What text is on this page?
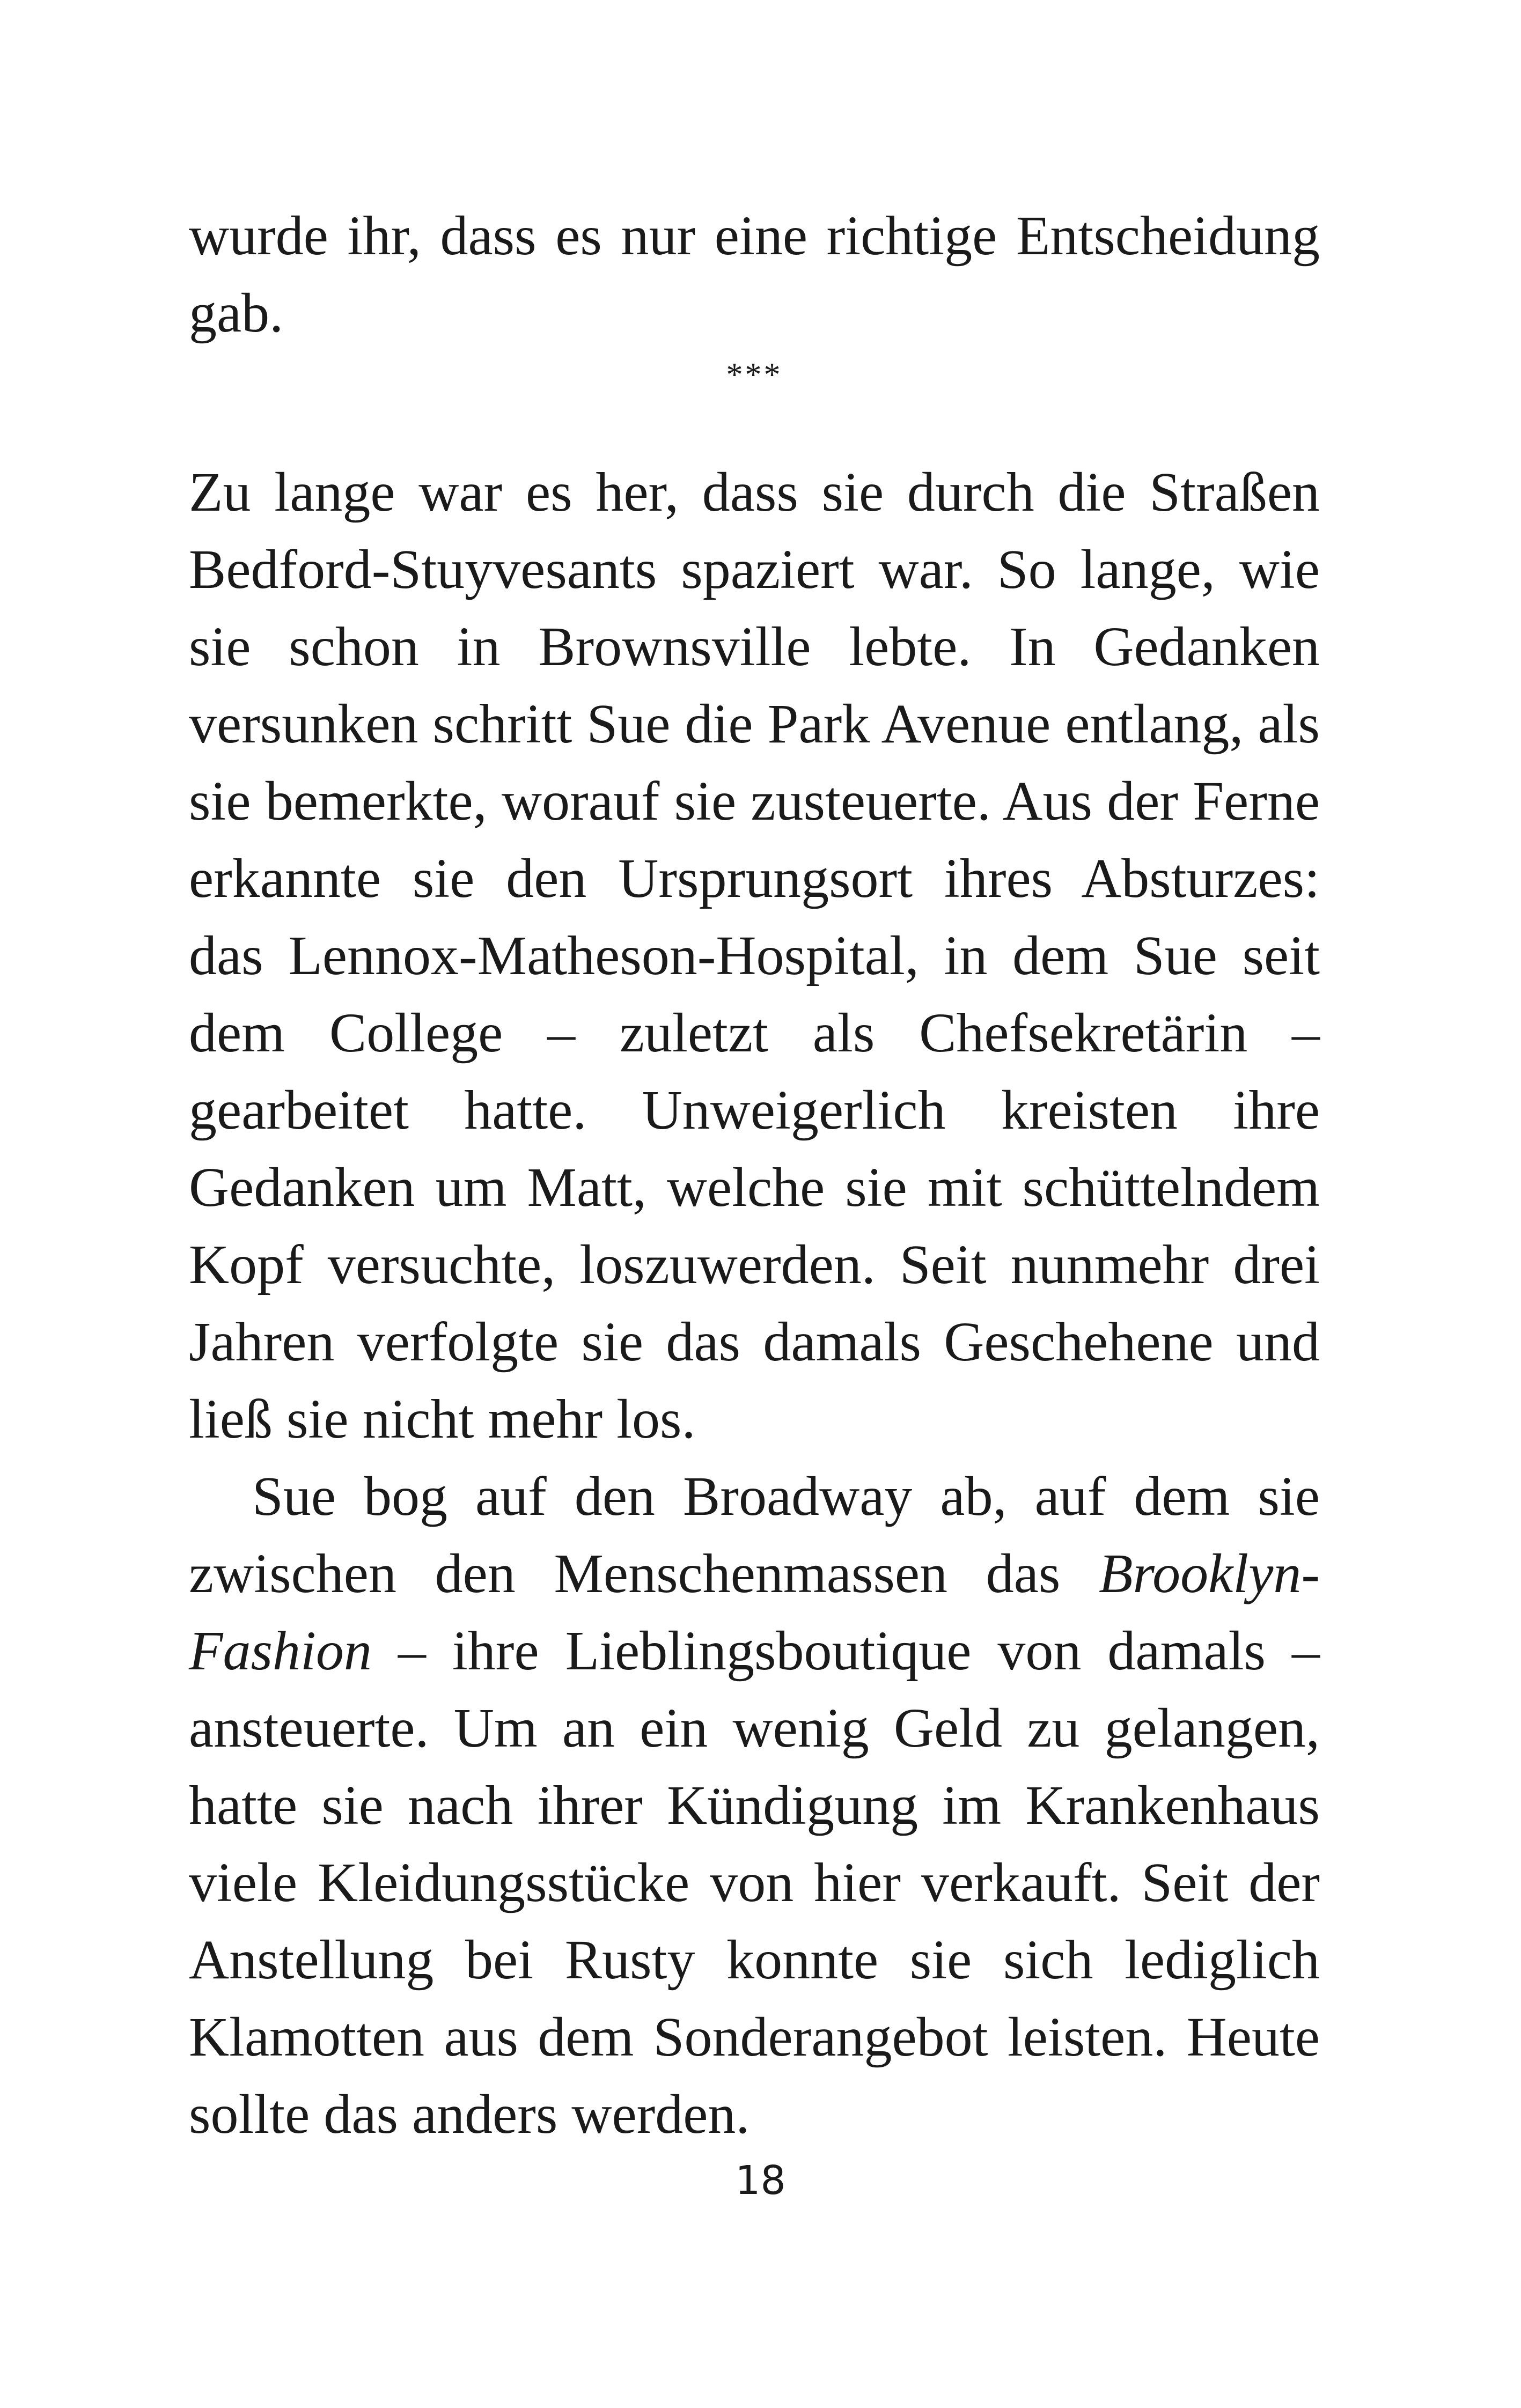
wurde ihr, dass es nur eine richtige Entscheidung gab.

***

Zu lange war es her, dass sie durch die Straßen Bedford-Stuyvesants spaziert war. So lange, wie sie schon in Brownsville lebte. In Gedanken versunken schritt Sue die Park Avenue entlang, als sie bemerkte, worauf sie zusteuerte. Aus der Ferne erkannte sie den Ursprungsort ihres Absturzes: das Lennox-Matheson-Hospital, in dem Sue seit dem College – zuletzt als Chefsekretärin – gearbeitet hatte. Unweigerlich kreisten ihre Gedanken um Matt, welche sie mit schüttelndem Kopf versuchte, loszuwerden. Seit nunmehr drei Jahren verfolgte sie das damals Geschehene und ließ sie nicht mehr los.

Sue bog auf den Broadway ab, auf dem sie zwischen den Menschenmassen das Brooklyn-Fashion – ihre Lieblingsboutique von damals – ansteuerte. Um an ein wenig Geld zu gelangen, hatte sie nach ihrer Kündigung im Krankenhaus viele Kleidungsstücke von hier verkauft. Seit der Anstellung bei Rusty konnte sie sich lediglich Klamotten aus dem Sonderangebot leisten. Heute sollte das anders werden.

18
